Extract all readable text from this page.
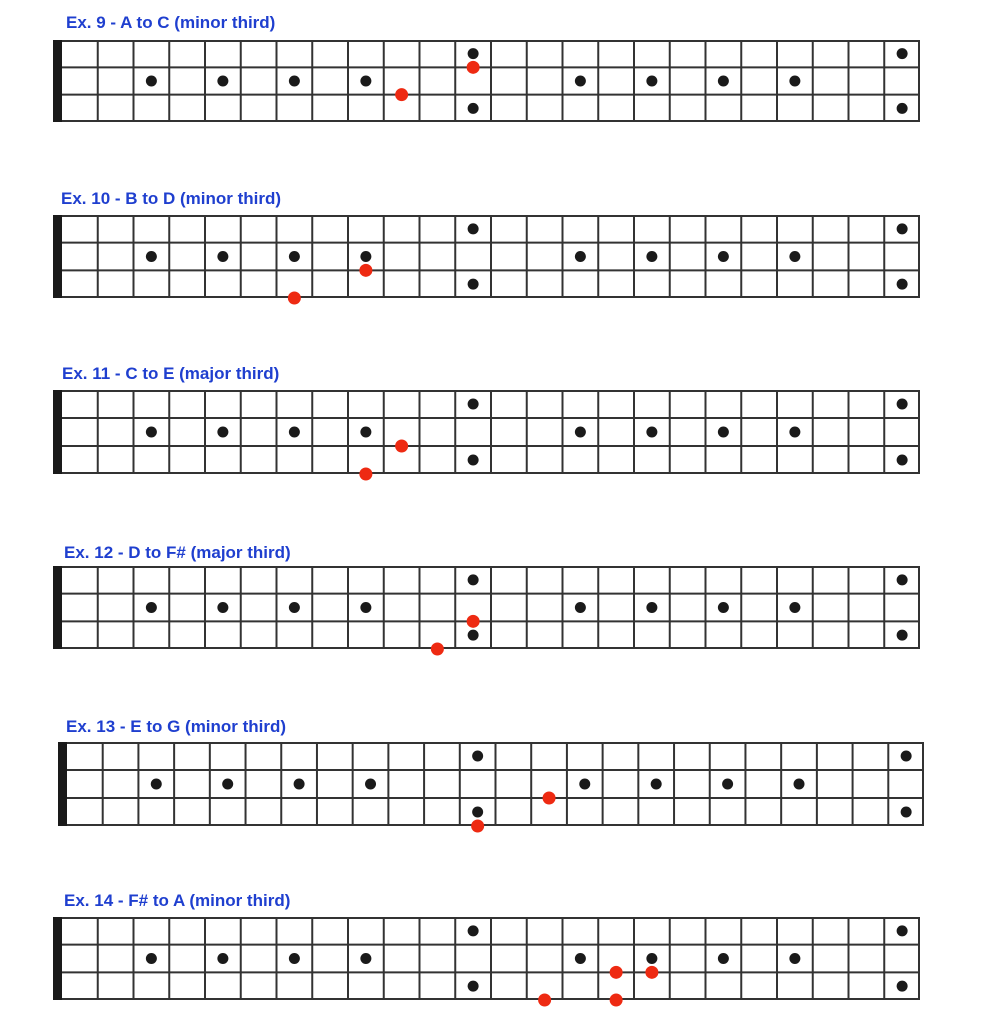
Ex. 9 - A to C (minor third)
Ex. 10 - B to D (minor third)
Ex. 11 - C to E (major third)
Ex. 12 - D to F# (major third)
Ex. 13 - E to G (minor third)
Ex. 14 - F# to A (minor third)
